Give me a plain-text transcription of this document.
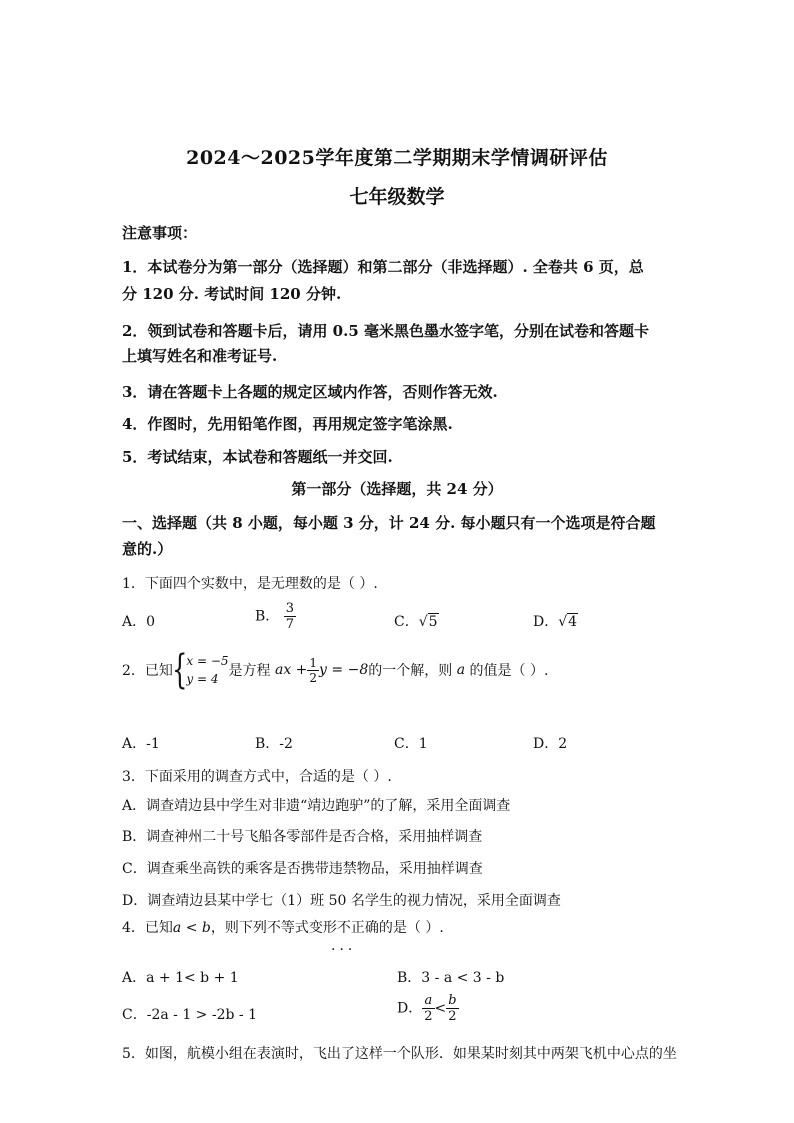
2024～2025学年度第二学期期末学情调研评估
七年级数学
注意事项：
1．本试卷分为第一部分（选择题）和第二部分（非选择题）. 全卷共 6 页，总
分 120 分. 考试时间 120 分钟.
2．领到试卷和答题卡后，请用 0.5 毫米黑色墨水签字笔，分别在试卷和答题卡
上填写姓名和准考证号.
3．请在答题卡上各题的规定区域内作答，否则作答无效.
4．作图时，先用铅笔作图，再用规定签字笔涂黑.
5．考试结束，本试卷和答题纸一并交回.
第一部分（选择题，共 24 分）
一、选择题（共 8 小题，每小题 3 分，计 24 分. 每小题只有一个选项是符合题
意的.）
1．下面四个实数中，是无理数的是（ ）.
A．0	B． $\frac{3}{7}$	C．√5	D．√4
2．已知{ x = −5
y = 4 是方程 ax + $\frac{1}{2}$ y = −8的一个解，则 a 的值是（ ）.
A．-1	B．-2	C．1	D．2
3．下面采用的调查方式中，合适的是（ ）.
A．调查靖边县中学生对非遗“靖边跑驴”的了解，采用全面调查
B．调查神州二十号飞船各零部件是否合格，采用抽样调查
C．调查乘坐高铁的乘客是否携带违禁物品，采用抽样调查
D．调查靖边县某中学七（1）班 50 名学生的视力情况，采用全面调查
4．已知a < b，则下列不等式变形不正确的是（ ）.
···
A．a + 1< b + 1	B．3 - a < 3 - b
C．-2a - 1 > -2b - 1	D． $\frac{a}{2} < \frac{b}{2}$
5．如图，航模小组在表演时，飞出了这样一个队形．如果某时刻其中两架飞机中心点的坐
